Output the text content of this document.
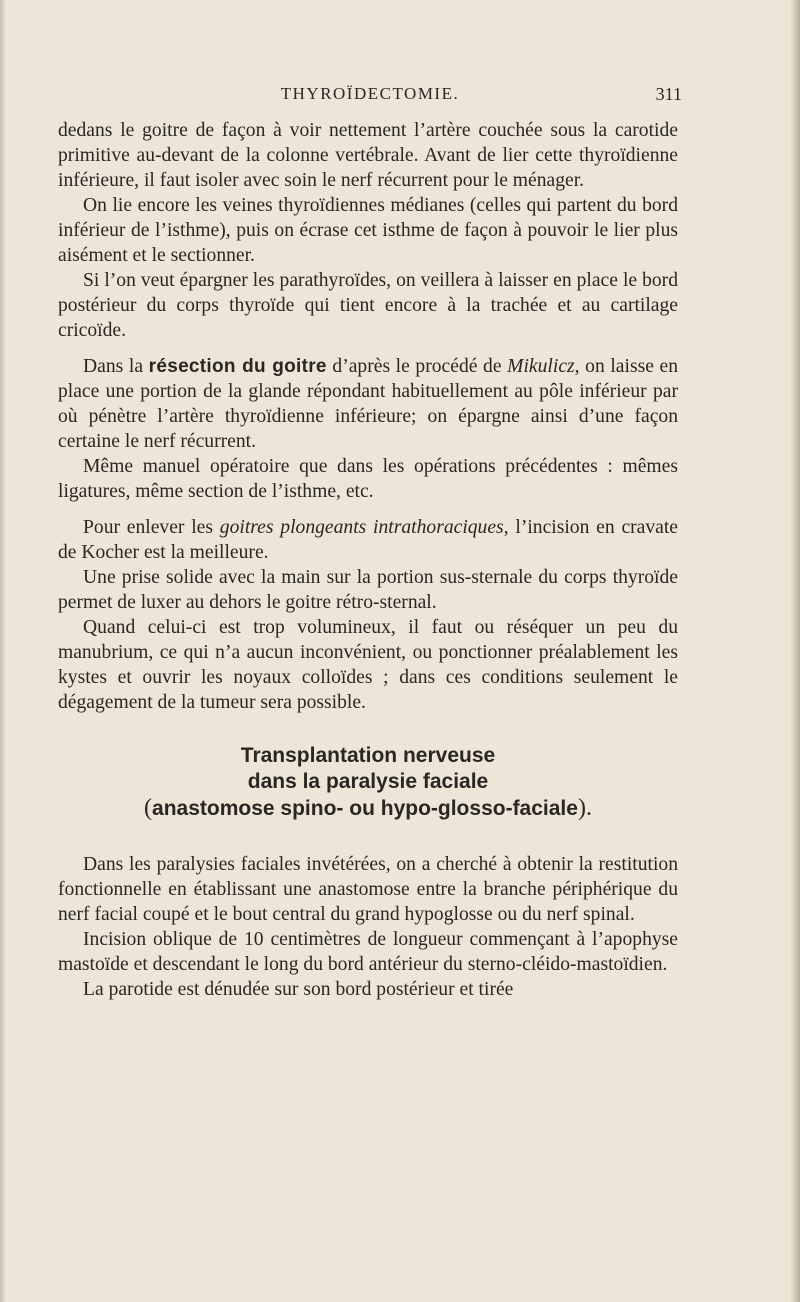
THYROÏDECTOMIE.	311

dedans le goitre de façon à voir nettement l’artère couchée sous la carotide primitive au-devant de la colonne vertébrale. Avant de lier cette thyroïdienne inférieure, il faut isoler avec soin le nerf récurrent pour le ménager.

On lie encore les veines thyroïdiennes médianes (celles qui partent du bord inférieur de l’isthme), puis on écrase cet isthme de façon à pouvoir le lier plus aisément et le sectionner.

Si l’on veut épargner les parathyroïdes, on veillera à laisser en place le bord postérieur du corps thyroïde qui tient encore à la trachée et au cartilage cricoïde.

Dans la résection du goitre d’après le procédé de Mikulicz, on laisse en place une portion de la glande répondant habituellement au pôle inférieur par où pénètre l’artère thyroïdienne inférieure; on épargne ainsi d’une façon certaine le nerf récurrent.

Même manuel opératoire que dans les opérations précédentes : mêmes ligatures, même section de l’isthme, etc.

Pour enlever les goitres plongeants intrathoraciques, l’incision en cravate de Kocher est la meilleure.

Une prise solide avec la main sur la portion sus-sternale du corps thyroïde permet de luxer au dehors le goitre rétro-sternal.

Quand celui-ci est trop volumineux, il faut ou réséquer un peu du manubrium, ce qui n’a aucun inconvénient, ou ponctionner préalablement les kystes et ouvrir les noyaux colloïdes ; dans ces conditions seulement le dégagement de la tumeur sera possible.

Transplantation nerveuse
dans la paralysie faciale
(anastomose spino- ou hypo-glosso-faciale).

Dans les paralysies faciales invétérées, on a cherché à obtenir la restitution fonctionnelle en établissant une anastomose entre la branche périphérique du nerf facial coupé et le bout central du grand hypoglosse ou du nerf spinal.

Incision oblique de 10 centimètres de longueur commençant à l’apophyse mastoïde et descendant le long du bord antérieur du sterno-cléido-mastoïdien.

La parotide est dénudée sur son bord postérieur et tirée
